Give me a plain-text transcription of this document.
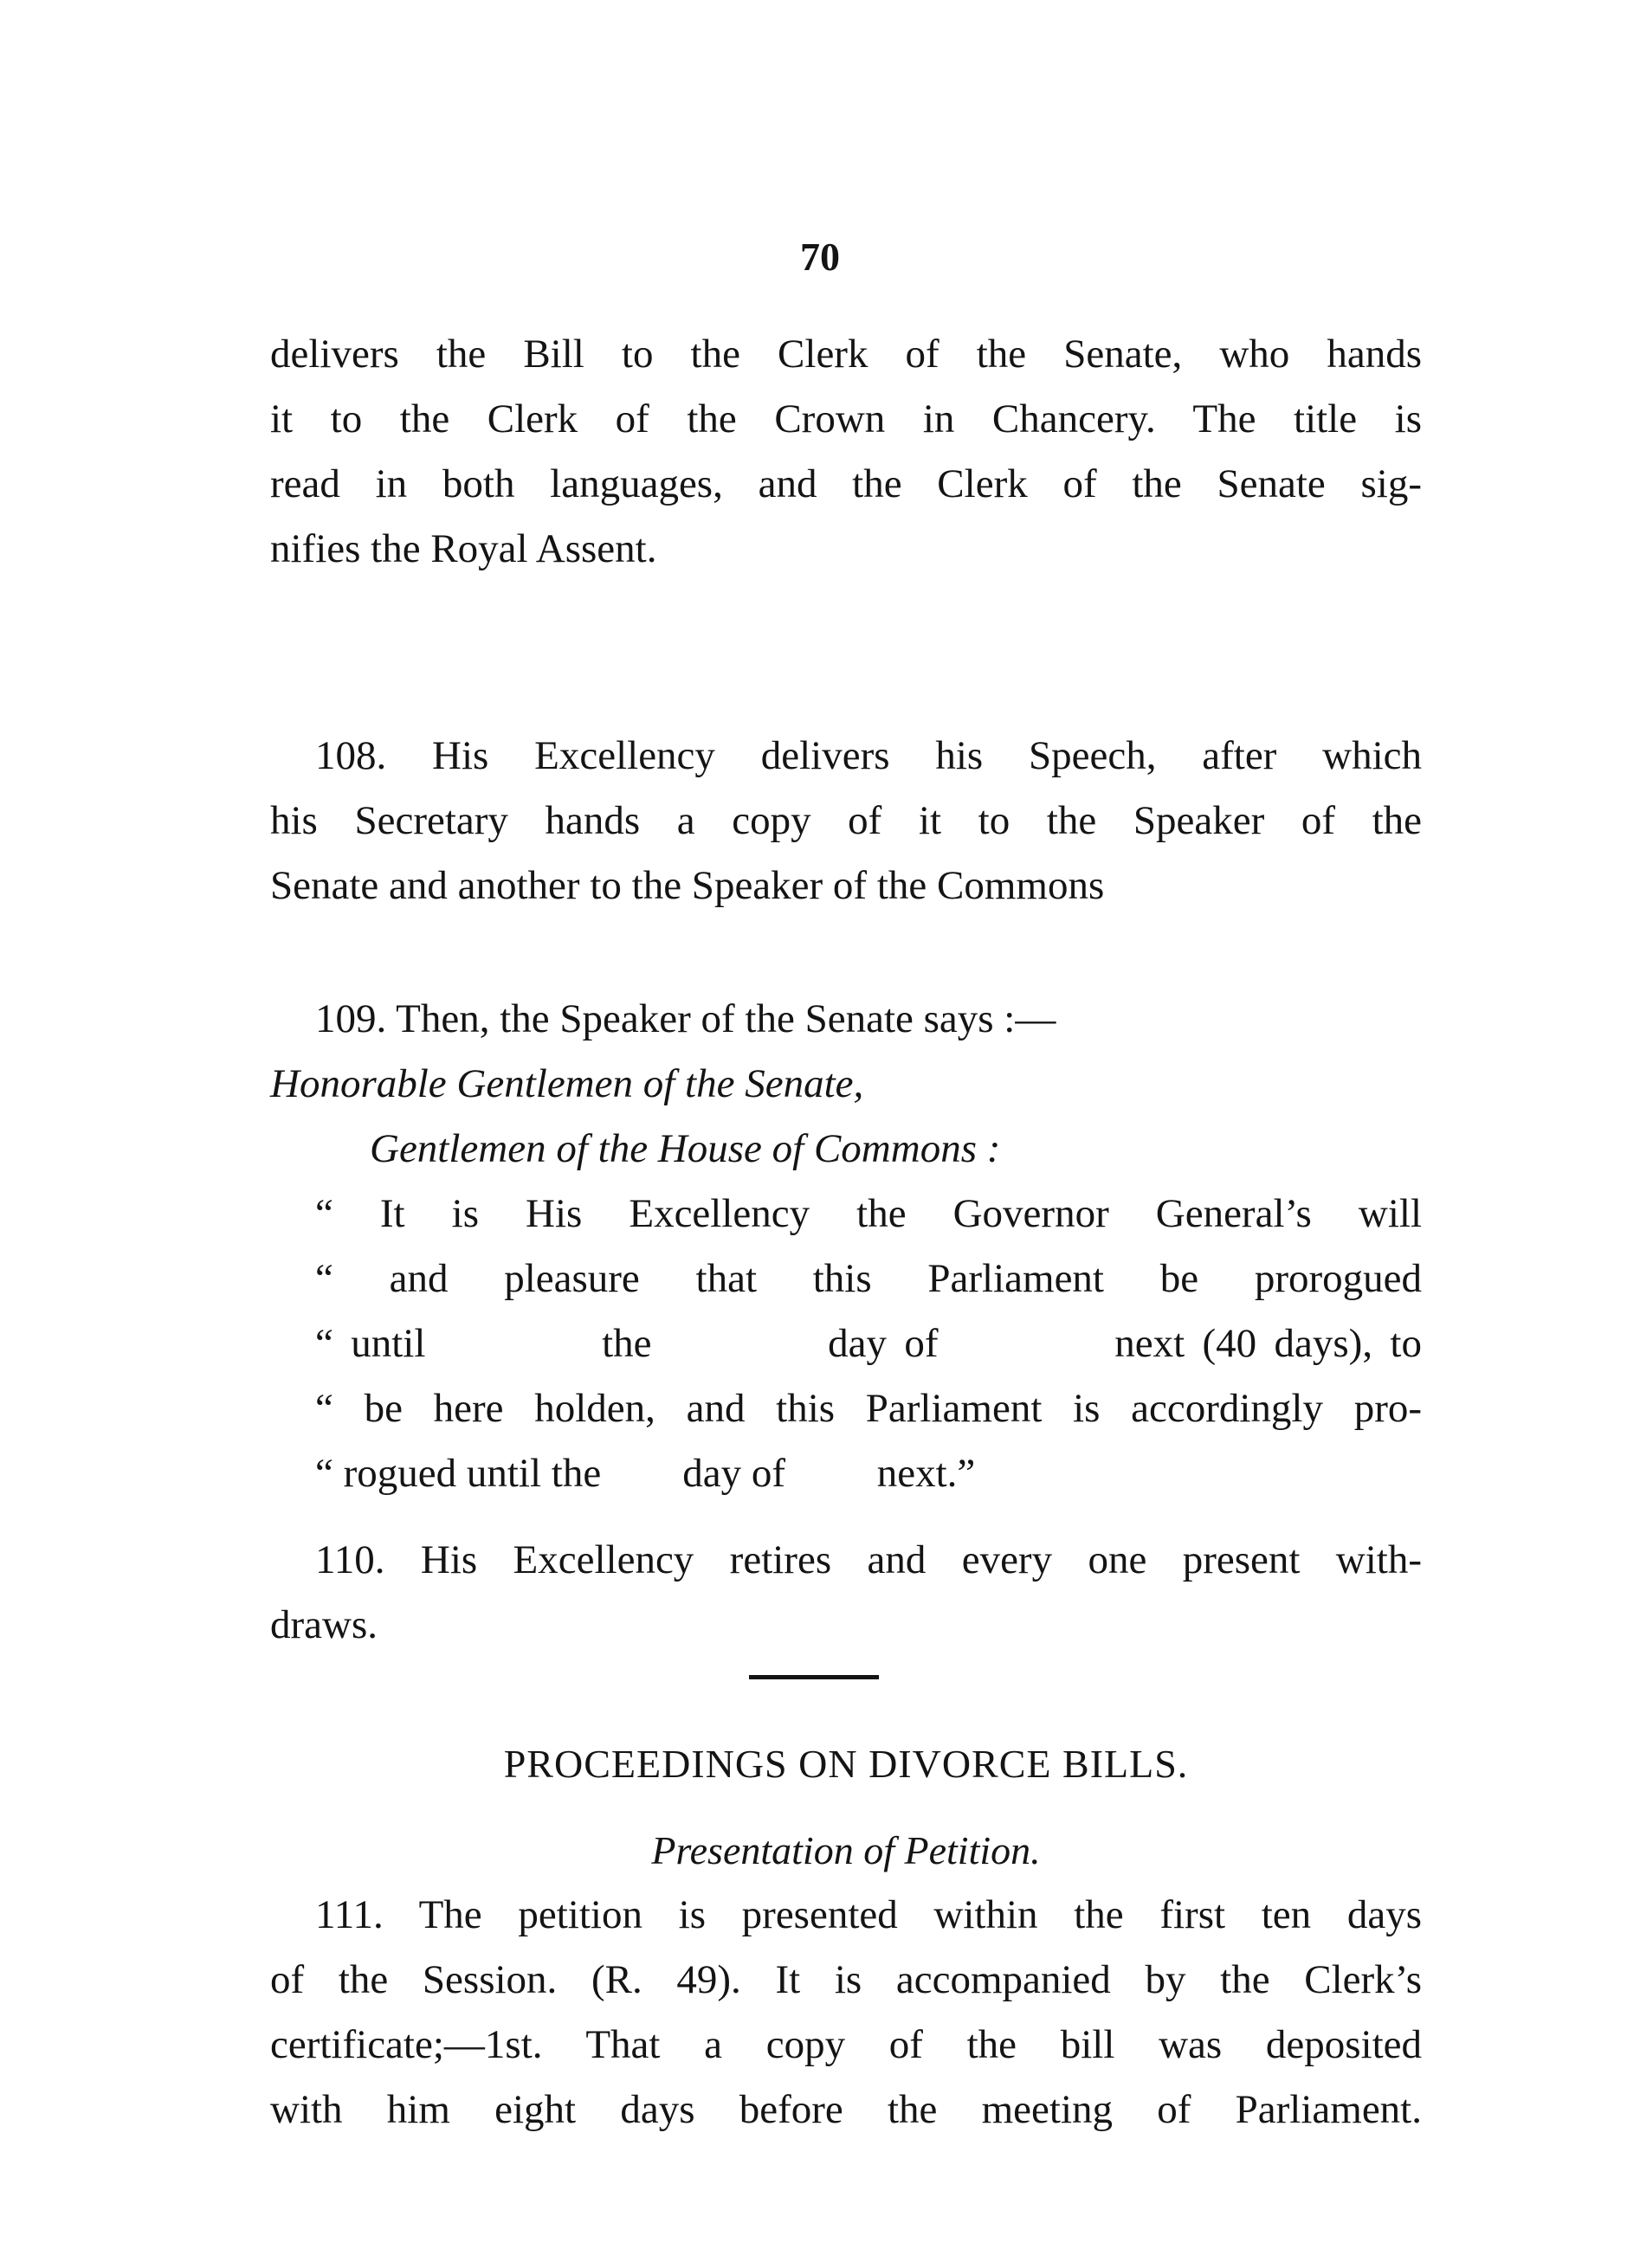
70
delivers the Bill to the Clerk of the Senate, who hands
it to the Clerk of the Crown in Chancery. The title is
read in both languages, and the Clerk of the Senate sig-
nifies the Royal Assent.
108. His Excellency delivers his Speech, after which
his Secretary hands a copy of it to the Speaker of the
Senate and another to the Speaker of the Commons
109. Then, the Speaker of the Senate says :—
Honorable Gentlemen of the Senate,
Gentlemen of the House of Commons :
“ It is His Excellency the Governor General’s will
“ and pleasure that this Parliament be prorogued
“ until          the          day of          next (40 days), to
“ be here holden, and this Parliament is accordingly pro-
“ rogued until the        day of         next.”
110. His Excellency retires and every one present with-
draws.
PROCEEDINGS ON DIVORCE BILLS.
Presentation of Petition.
111. The petition is presented within the first ten days
of the Session. (R. 49). It is accompanied by the Clerk’s
certificate;—1st. That a copy of the bill was deposited
with him eight days before the meeting of Parliament.
